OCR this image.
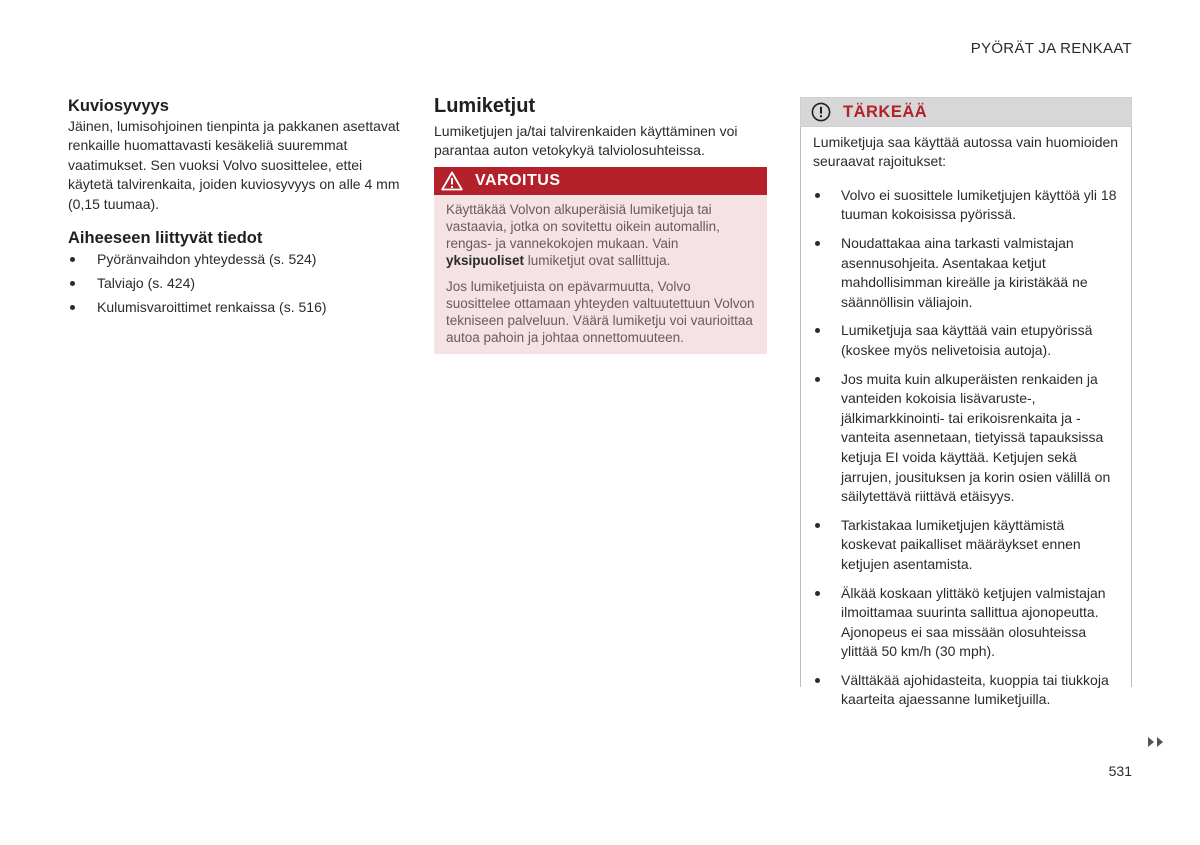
PYÖRÄT JA RENKAAT
Kuviosyvyys

Jäinen, lumisohjoinen tienpinta ja pakkanen asettavat renkaille huomattavasti kesäkeliä suuremmat vaatimukset. Sen vuoksi Volvo suosittelee, ettei käytetä talvirenkaita, joiden kuviosyvyys on alle 4 mm (0,15 tuumaa).

Aiheeseen liittyvät tiedot
Pyöränvaihdon yhteydessä (s. 524)
Talviajo (s. 424)
Kulumisvaroittimet renkaissa (s. 516)
Lumiketjut

Lumiketjujen ja/tai talvirenkaiden käyttäminen voi parantaa auton vetokykyä talviolosuhteissa.

VAROITUS

Käyttäkää Volvon alkuperäisiä lumiketjuja tai vastaavia, jotka on sovitettu oikein automallin, rengas- ja vannekokojen mukaan. Vain yksipuoliset lumiketjut ovat sallittuja.

Jos lumiketjuista on epävarmuutta, Volvo suosittelee ottamaan yhteyden valtuutettuun Volvon tekniseen palveluun. Väärä lumiketju voi vaurioittaa autoa pahoin ja johtaa onnettomuuteen.

TÄRKEÄÄ

Lumiketjuja saa käyttää autossa vain huomioiden seuraavat rajoitukset:

Volvo ei suosittele lumiketjujen käyttöä yli 18 tuuman kokoisissa pyörissä.
Noudattakaa aina tarkasti valmistajan asennusohjeita. Asentakaa ketjut mahdollisimman kireälle ja kiristäkää ne säännöllisin väliajoin.
Lumiketjuja saa käyttää vain etupyörissä (koskee myös nelivetoisia autoja).
Jos muita kuin alkuperäisten renkaiden ja vanteiden kokoisia lisävaruste-, jälkimarkkinointi- tai erikoisrenkaita ja -vanteita asennetaan, tietyissä tapauksissa ketjuja EI voida käyttää. Ketjujen sekä jarrujen, jousituksen ja korin osien välillä on säilytettävä riittävä etäisyys.
Tarkistakaa lumiketjujen käyttämistä koskevat paikalliset määräykset ennen ketjujen asentamista.
Älkää koskaan ylittäkö ketjujen valmistajan ilmoittamaa suurinta sallittua ajonopeutta. Ajonopeus ei saa missään olosuhteissa ylittää 50 km/h (30 mph).
Välttäkää ajohidasteita, kuoppia tai tiukkoja kaarteita ajaessanne lumiketjuilla.
531
